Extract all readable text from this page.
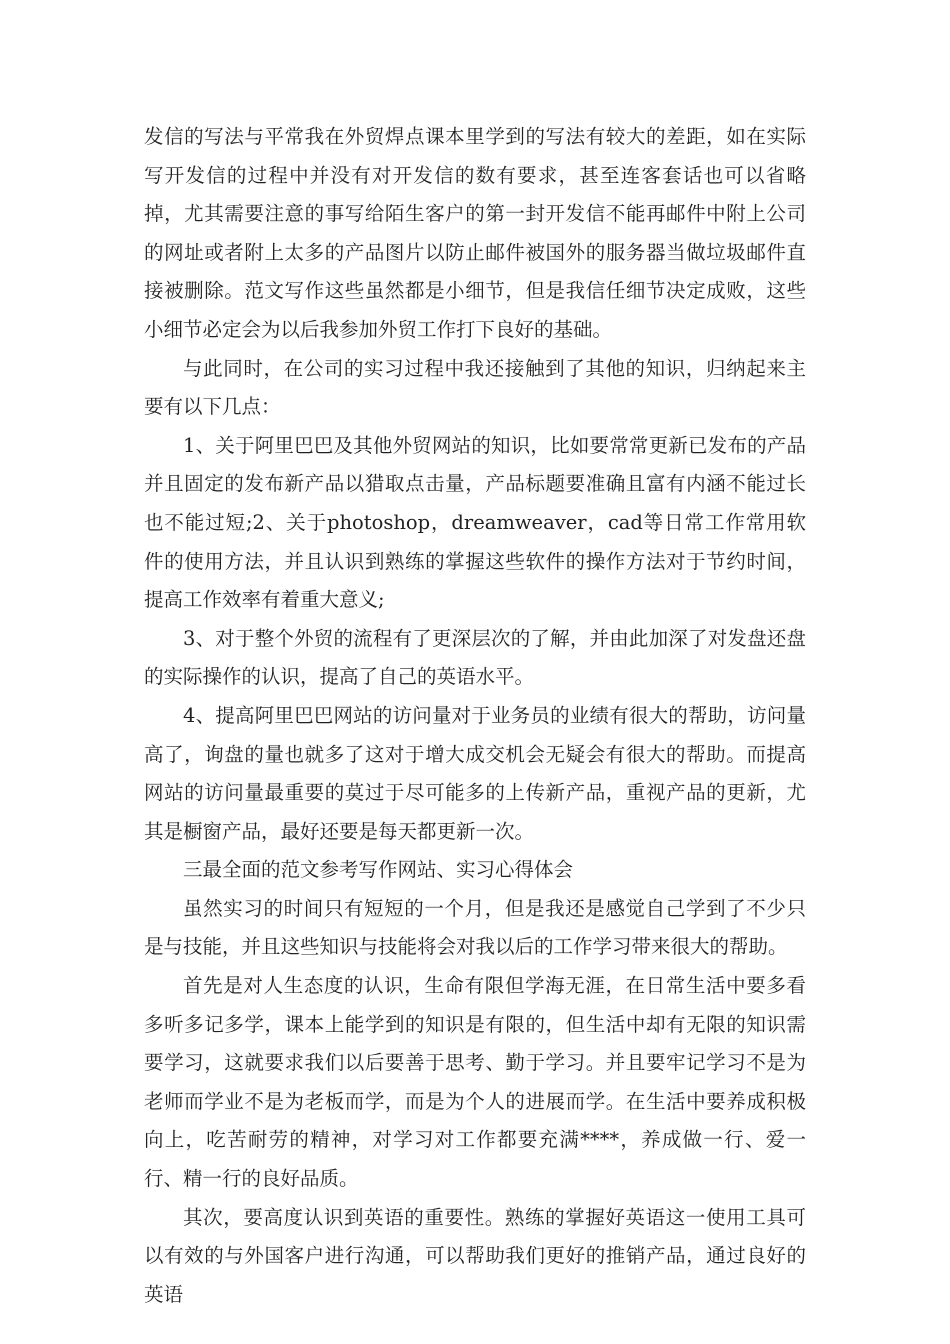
发信的写法与平常我在外贸焊点课本里学到的写法有较大的差距，如在实际写开发信的过程中并没有对开发信的数有要求，甚至连客套话也可以省略掉，尤其需要注意的事写给陌生客户的第一封开发信不能再邮件中附上公司的网址或者附上太多的产品图片以防止邮件被国外的服务器当做垃圾邮件直接被删除。范文写作这些虽然都是小细节，但是我信任细节决定成败，这些小细节必定会为以后我参加外贸工作打下良好的基础。

与此同时，在公司的实习过程中我还接触到了其他的知识，归纳起来主要有以下几点：

1、关于阿里巴巴及其他外贸网站的知识，比如要常常更新已发布的产品并且固定的发布新产品以猎取点击量，产品标题要准确且富有内涵不能过长也不能过短;2、关于photoshop，dreamweaver，cad等日常工作常用软件的使用方法，并且认识到熟练的掌握这些软件的操作方法对于节约时间，提高工作效率有着重大意义;

3、对于整个外贸的流程有了更深层次的了解，并由此加深了对发盘还盘的实际操作的认识，提高了自己的英语水平。

4、提高阿里巴巴网站的访问量对于业务员的业绩有很大的帮助，访问量高了，询盘的量也就多了这对于增大成交机会无疑会有很大的帮助。而提高网站的访问量最重要的莫过于尽可能多的上传新产品，重视产品的更新，尤其是橱窗产品，最好还要是每天都更新一次。

三最全面的范文参考写作网站、实习心得体会

虽然实习的时间只有短短的一个月，但是我还是感觉自己学到了不少只是与技能，并且这些知识与技能将会对我以后的工作学习带来很大的帮助。

首先是对人生态度的认识，生命有限但学海无涯，在日常生活中要多看多听多记多学，课本上能学到的知识是有限的，但生活中却有无限的知识需要学习，这就要求我们以后要善于思考、勤于学习。并且要牢记学习不是为老师而学业不是为老板而学，而是为个人的进展而学。在生活中要养成积极向上，吃苦耐劳的精神，对学习对工作都要充满****，养成做一行、爱一行、精一行的良好品质。

其次，要高度认识到英语的重要性。熟练的掌握好英语这一使用工具可以有效的与外国客户进行沟通，可以帮助我们更好的推销产品，通过良好的英语
